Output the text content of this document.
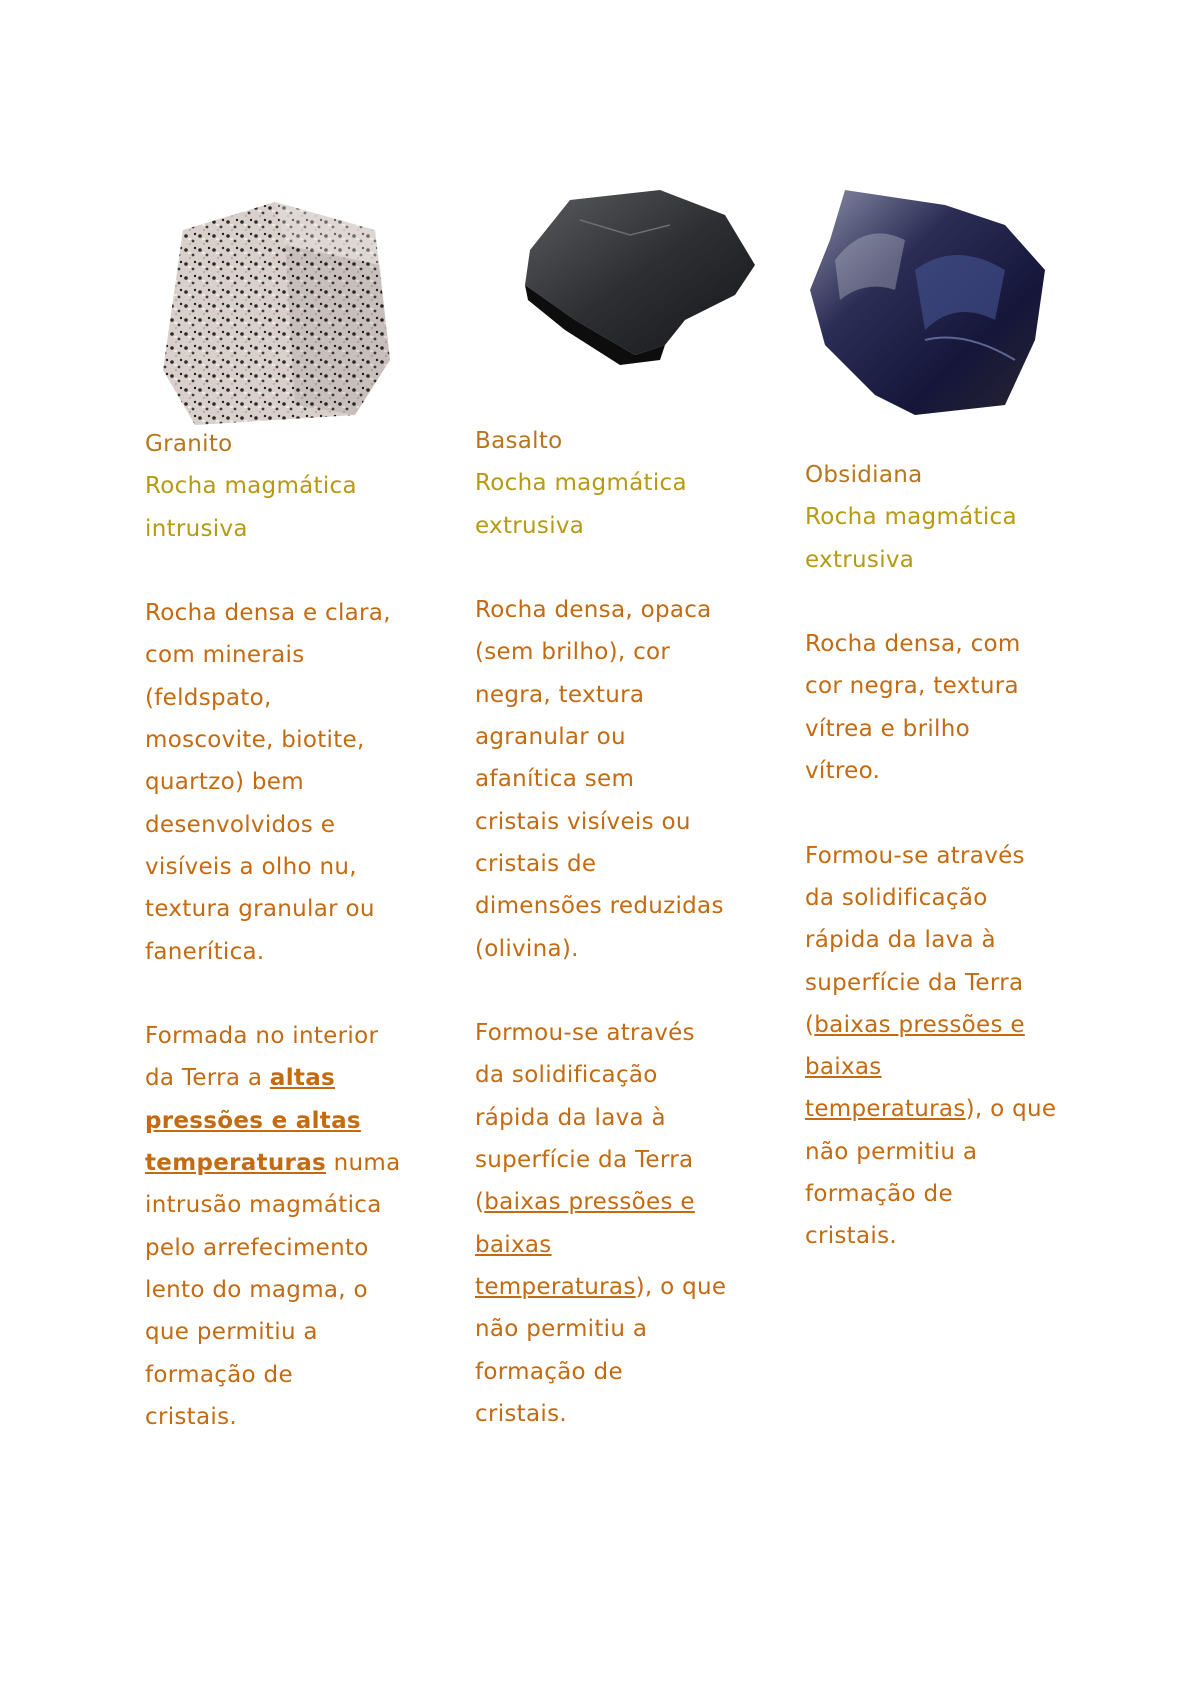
Granito

Rocha magmática

intrusiva

Rocha densa e clara,

com minerais

(feldspato,

moscovite, biotite,

quartzo) bem

desenvolvidos e

visíveis a olho nu,

textura granular ou

fanerítica.

Formada no interior

da Terra a altas

pressões e altas

temperaturas numa

intrusão magmática

pelo arrefecimento

lento do magma, o

que permitiu a

formação de

cristais.

Basalto

Rocha magmática

extrusiva

Rocha densa, opaca

(sem brilho), cor

negra, textura

agranular ou

afanítica sem

cristais visíveis ou

cristais de

dimensões reduzidas

(olivina).

Formou-se através

da solidificação

rápida da lava à

superfície da Terra

(baixas pressões e

baixas

temperaturas), o que

não permitiu a

formação de

cristais.

Obsidiana

Rocha magmática

extrusiva

Rocha densa, com

cor negra, textura

vítrea e brilho

vítreo.

Formou-se através

da solidificação

rápida da lava à

superfície da Terra

(baixas pressões e

baixas

temperaturas), o que

não permitiu a

formação de

cristais.
